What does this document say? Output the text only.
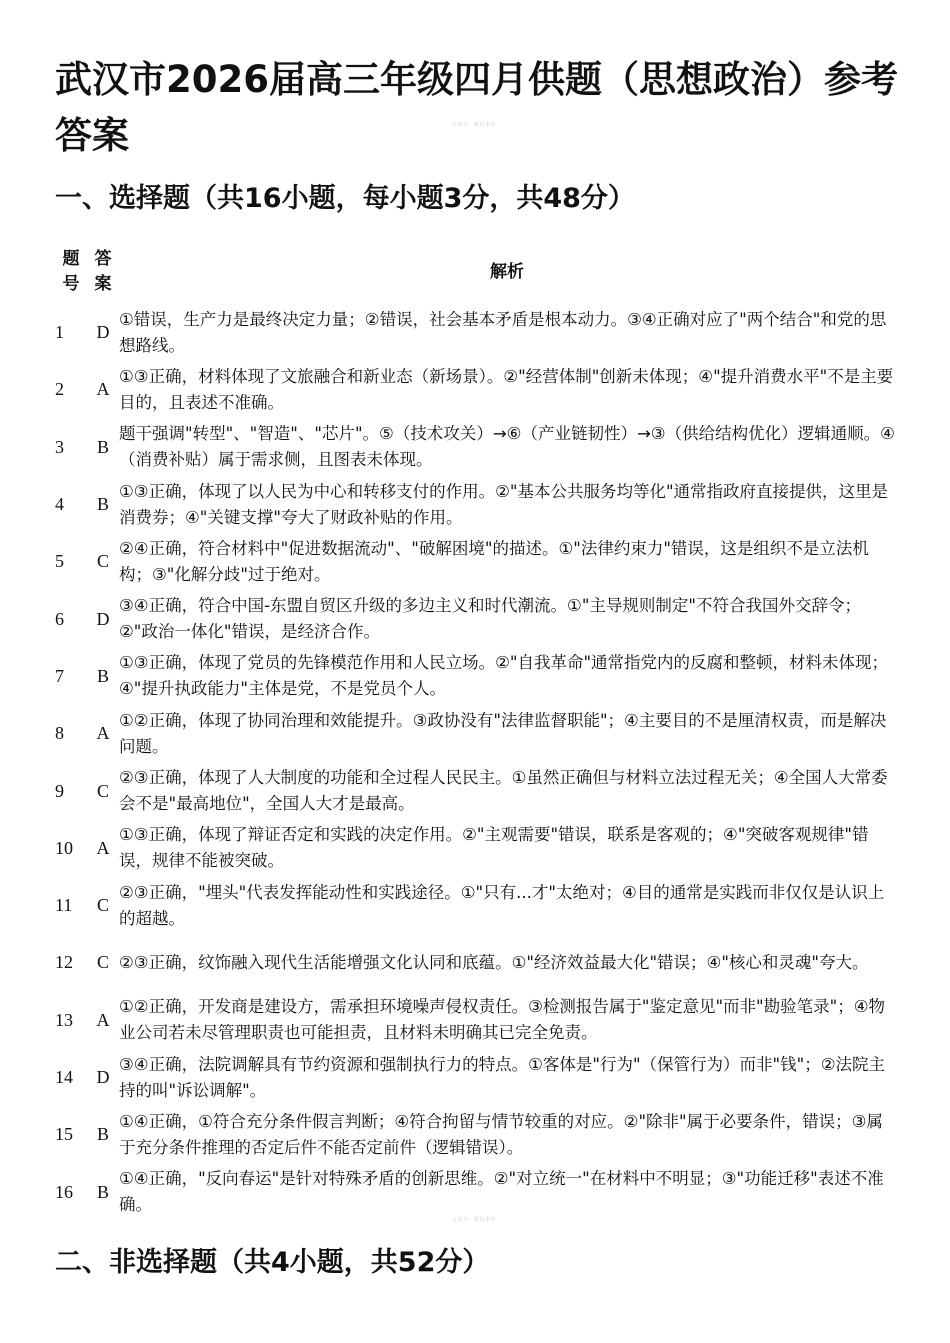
武汉市2026届高三年级四月供题（思想政治）参考答案	公众号：教员本草
一、选择题（共16小题，每小题3分，共48分）
题号	答案	解析
1	D	①错误，生产力是最终决定力量；②错误，社会基本矛盾是根本动力。③④正确对应了"两个结合"和党的思想路线。
2	A	①③正确，材料体现了文旅融合和新业态（新场景）。②"经营体制"创新未体现；④"提升消费水平"不是主要目的，且表述不准确。
3	B	题干强调"转型"、"智造"、"芯片"。⑤（技术攻关）→⑥（产业链韧性）→③（供给结构优化）逻辑通顺。④（消费补贴）属于需求侧，且图表未体现。
4	B	①③正确，体现了以人民为中心和转移支付的作用。②"基本公共服务均等化"通常指政府直接提供，这里是消费券；④"关键支撑"夸大了财政补贴的作用。
5	C	②④正确，符合材料中"促进数据流动"、"破解困境"的描述。①"法律约束力"错误，这是组织不是立法机构；③"化解分歧"过于绝对。
6	D	③④正确，符合中国-东盟自贸区升级的多边主义和时代潮流。①"主导规则制定"不符合我国外交辞令；②"政治一体化"错误，是经济合作。
7	B	①③正确，体现了党员的先锋模范作用和人民立场。②"自我革命"通常指党内的反腐和整顿，材料未体现；④"提升执政能力"主体是党，不是党员个人。
8	A	①②正确，体现了协同治理和效能提升。③政协没有"法律监督职能"；④主要目的不是厘清权责，而是解决问题。
9	C	②③正确，体现了人大制度的功能和全过程人民民主。①虽然正确但与材料立法过程无关；④全国人大常委会不是"最高地位"，全国人大才是最高。
10	A	①③正确，体现了辩证否定和实践的决定作用。②"主观需要"错误，联系是客观的；④"突破客观规律"错误，规律不能被突破。
11	C	②③正确，"埋头"代表发挥能动性和实践途径。①"只有...才"太绝对；④目的通常是实践而非仅仅是认识上的超越。
12	C	②③正确，纹饰融入现代生活能增强文化认同和底蕴。①"经济效益最大化"错误；④"核心和灵魂"夸大。
13	A	①②正确，开发商是建设方，需承担环境噪声侵权责任。③检测报告属于"鉴定意见"而非"勘验笔录"；④物业公司若未尽管理职责也可能担责，且材料未明确其已完全免责。
14	D	③④正确，法院调解具有节约资源和强制执行力的特点。①客体是"行为"（保管行为）而非"钱"；②法院主持的叫"诉讼调解"。
15	B	①④正确，①符合充分条件假言判断；④符合拘留与情节较重的对应。②"除非"属于必要条件，错误；③属于充分条件推理的否定后件不能否定前件（逻辑错误）。
16	B	①④正确，"反向春运"是针对特殊矛盾的创新思维。②"对立统一"在材料中不明显；③"功能迁移"表述不准确。
公众号：教员本草
二、非选择题（共4小题，共52分）
